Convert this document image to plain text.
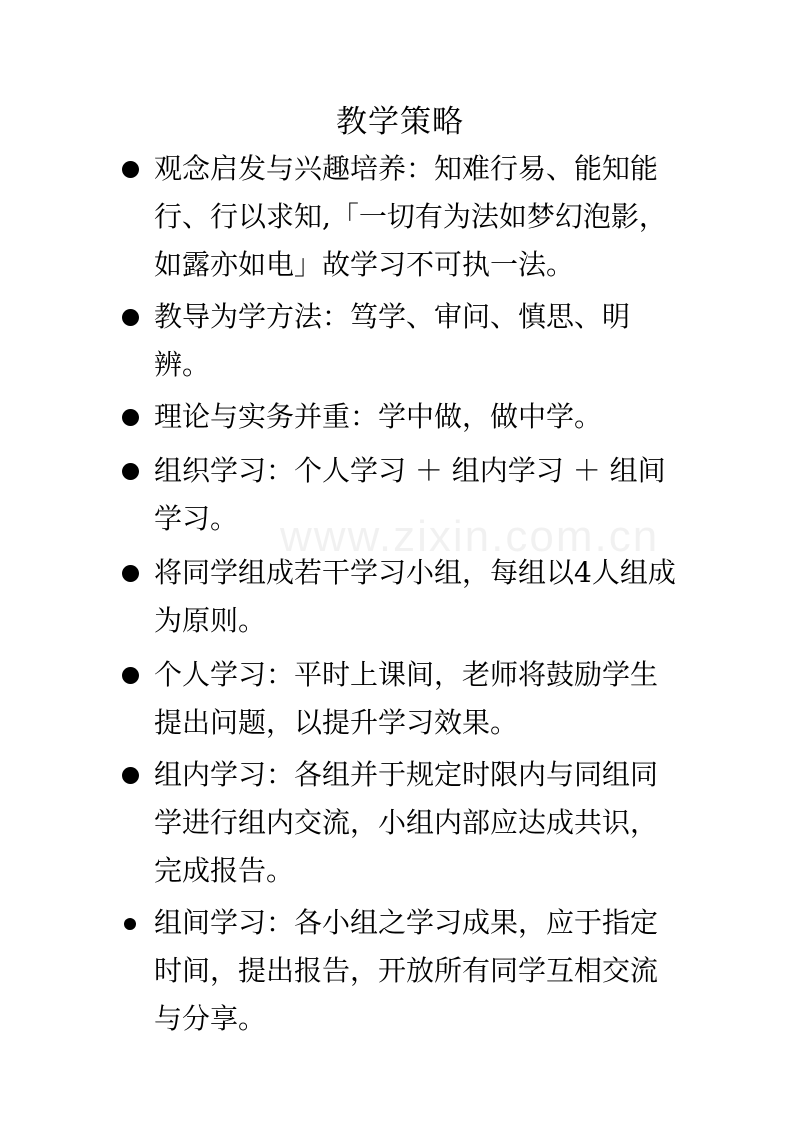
www.zixin.com.cn
教学策略
观念启发与兴趣培养：知难行易、能知能行、行以求知,「一切有为法如梦幻泡影，如露亦如电」故学习不可执一法。
教导为学方法：笃学、审问、慎思、明辨。
理论与实务并重：学中做，做中学。
组织学习：个人学习 ＋ 组内学习 ＋ 组间学习。
将同学组成若干学习小组，每组以4人组成为原则。
个人学习：平时上课间，老师将鼓励学生提出问题，以提升学习效果。
组内学习：各组并于规定时限内与同组同学进行组内交流，小组内部应达成共识，完成报告。
组间学习：各小组之学习成果，应于指定时间，提出报告，开放所有同学互相交流与分享。
